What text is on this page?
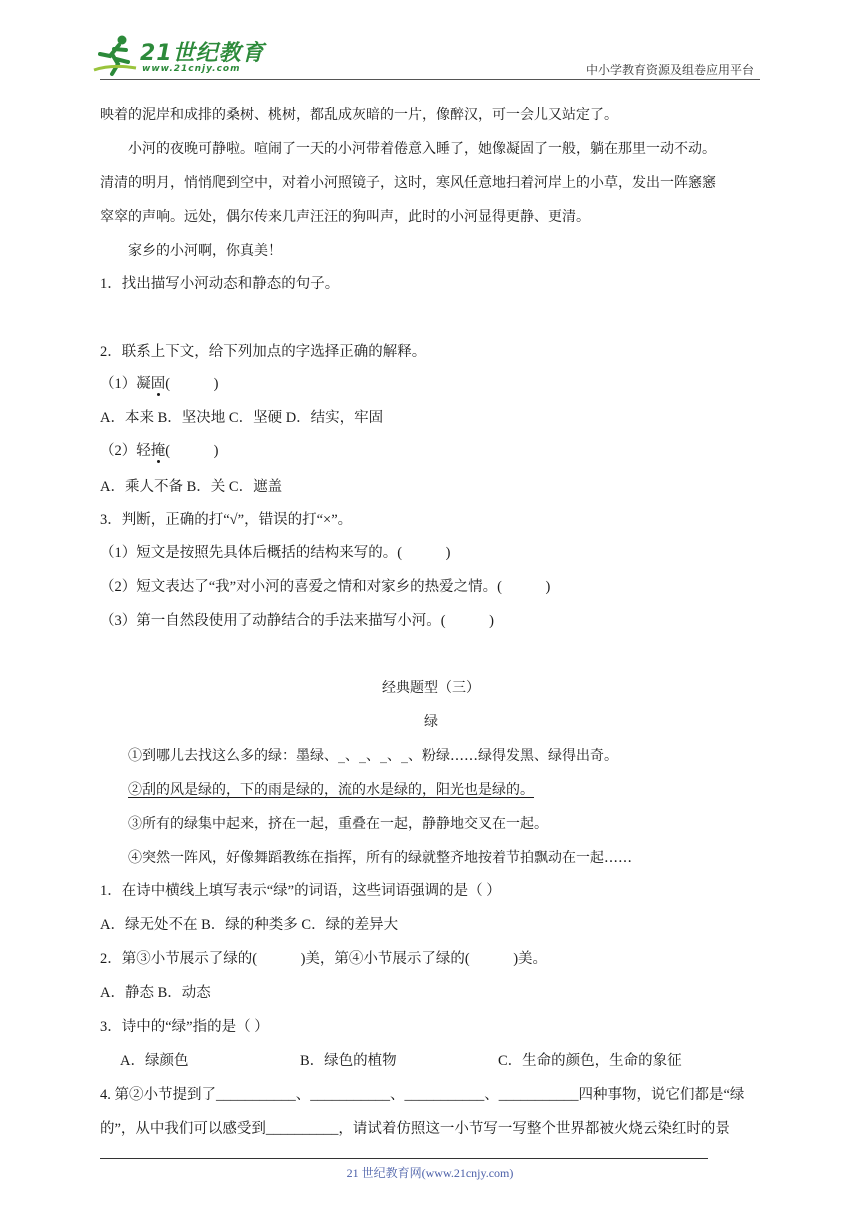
21世纪教育
www.21cnjy.com	中小学教育资源及组卷应用平台
映着的泥岸和成排的桑树、桃树，都乱成灰暗的一片，像醉汉，可一会儿又站定了。
小河的夜晚可静啦。喧闹了一天的小河带着倦意入睡了，她像凝固了一般，躺在那里一动不动。
清清的明月，悄悄爬到空中，对着小河照镜子，这时，寒风任意地扫着河岸上的小草，发出一阵窸窸
窣窣的声响。远处，偶尔传来几声汪汪的狗叫声，此时的小河显得更静、更清。
家乡的小河啊，你真美！
1．找出描写小河动态和静态的句子。
2．联系上下文，给下列加点的字选择正确的解释。
（1）凝固(　　　)
A．本来 B．坚决地 C．坚硬 D．结实，牢固
（2）轻掩(　　　)
A．乘人不备 B．关 C．遮盖
3．判断，正确的打“√”，错误的打“×”。
（1）短文是按照先具体后概括的结构来写的。(　　　)
（2）短文表达了“我”对小河的喜爱之情和对家乡的热爱之情。(　　　)
（3）第一自然段使用了动静结合的手法来描写小河。(　　　)
经典题型（三）
绿
①到哪儿去找这么多的绿：墨绿、_、_、_、_、粉绿……绿得发黑、绿得出奇。
②刮的风是绿的，下的雨是绿的，流的水是绿的，阳光也是绿的。
③所有的绿集中起来，挤在一起，重叠在一起，静静地交叉在一起。
④突然一阵风，好像舞蹈教练在指挥，所有的绿就整齐地按着节拍飘动在一起……
1．在诗中横线上填写表示“绿”的词语，这些词语强调的是（ ）
A．绿无处不在 B．绿的种类多 C．绿的差异大
2．第③小节展示了绿的(　　　)美，第④小节展示了绿的(　　　)美。
A．静态 B．动态
3．诗中的“绿”指的是（ ）
A．绿颜色	B．绿色的植物	C．生命的颜色，生命的象征
4. 第②小节提到了___________、___________、___________、___________四种事物，说它们都是“绿
的”，从中我们可以感受到__________，请试着仿照这一小节写一写整个世界都被火烧云染红时的景
21 世纪教育网(www.21cnjy.com)
